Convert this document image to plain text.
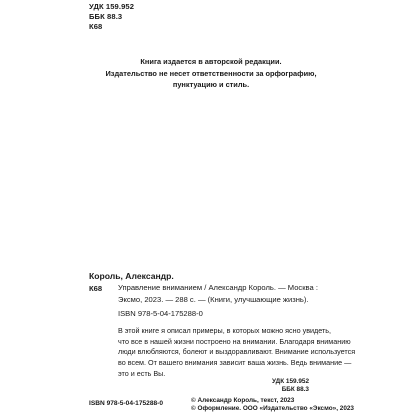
УДК 159.952
ББК 88.3
К68
Книга издается в авторской редакции.
Издательство не несет ответственности за орфографию,
пунктуацию и стиль.
Король, Александр.
К68 Управление вниманием / Александр Король. — Москва :
Эксмо, 2023. — 288 с. — (Книги, улучшающие жизнь).
ISBN 978-5-04-175288-0
В этой книге я описал примеры, в которых можно ясно увидеть,
что все в нашей жизни построено на внимании. Благодаря вниманию
люди влюбляются, болеют и выздоравливают. Внимание используется
во всем. От вашего внимания зависит ваша жизнь. Ведь внимание —
это и есть Вы.
УДК 159.952
ББК 88.3
ISBN 978-5-04-175288-0	© Александр Король, текст, 2023
© Оформление. ООО «Издательство «Эксмо», 2023
